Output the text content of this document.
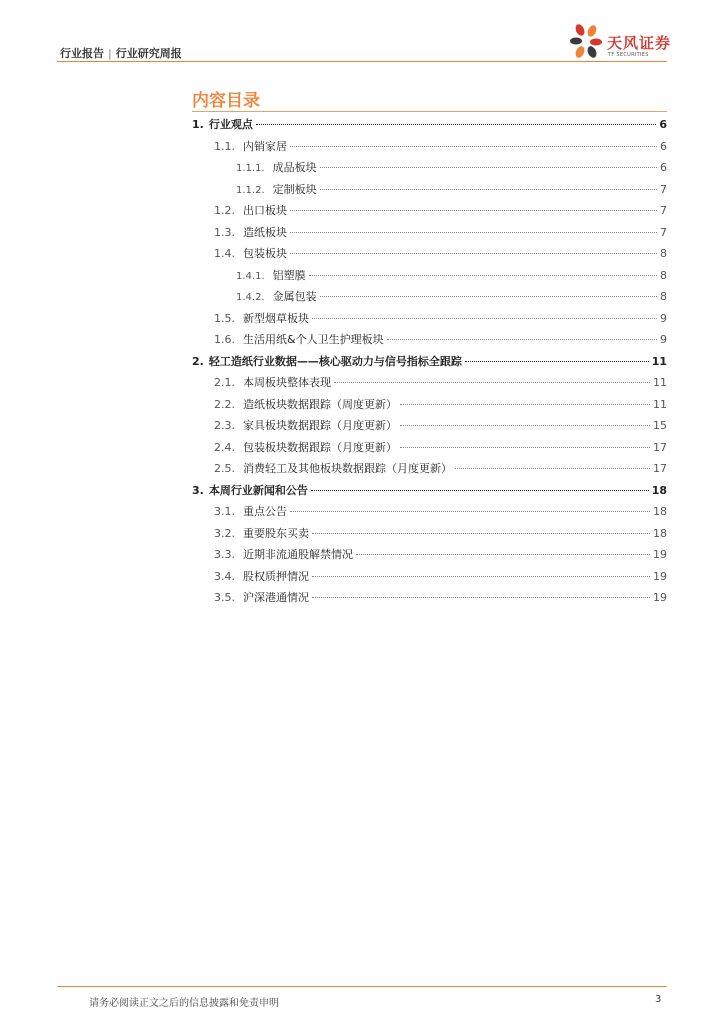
行业报告 | 行业研究周报
天风证券
TF SECURITIES
内容目录
1. 行业观点	6
1.1. 内销家居	6
1.1.1. 成品板块	6
1.1.2. 定制板块	7
1.2. 出口板块	7
1.3. 造纸板块	7
1.4. 包装板块	8
1.4.1. 铝塑膜	8
1.4.2. 金属包装	8
1.5. 新型烟草板块	9
1.6. 生活用纸&个人卫生护理板块	9
2. 轻工造纸行业数据——核心驱动力与信号指标全跟踪	11
2.1. 本周板块整体表现	11
2.2. 造纸板块数据跟踪（周度更新）	11
2.3. 家具板块数据跟踪（月度更新）	15
2.4. 包装板块数据跟踪（月度更新）	17
2.5. 消费轻工及其他板块数据跟踪（月度更新）	17
3. 本周行业新闻和公告	18
3.1. 重点公告	18
3.2. 重要股东买卖	18
3.3. 近期非流通股解禁情况	19
3.4. 股权质押情况	19
3.5. 沪深港通情况	19
请务必阅读正文之后的信息披露和免责申明	3
